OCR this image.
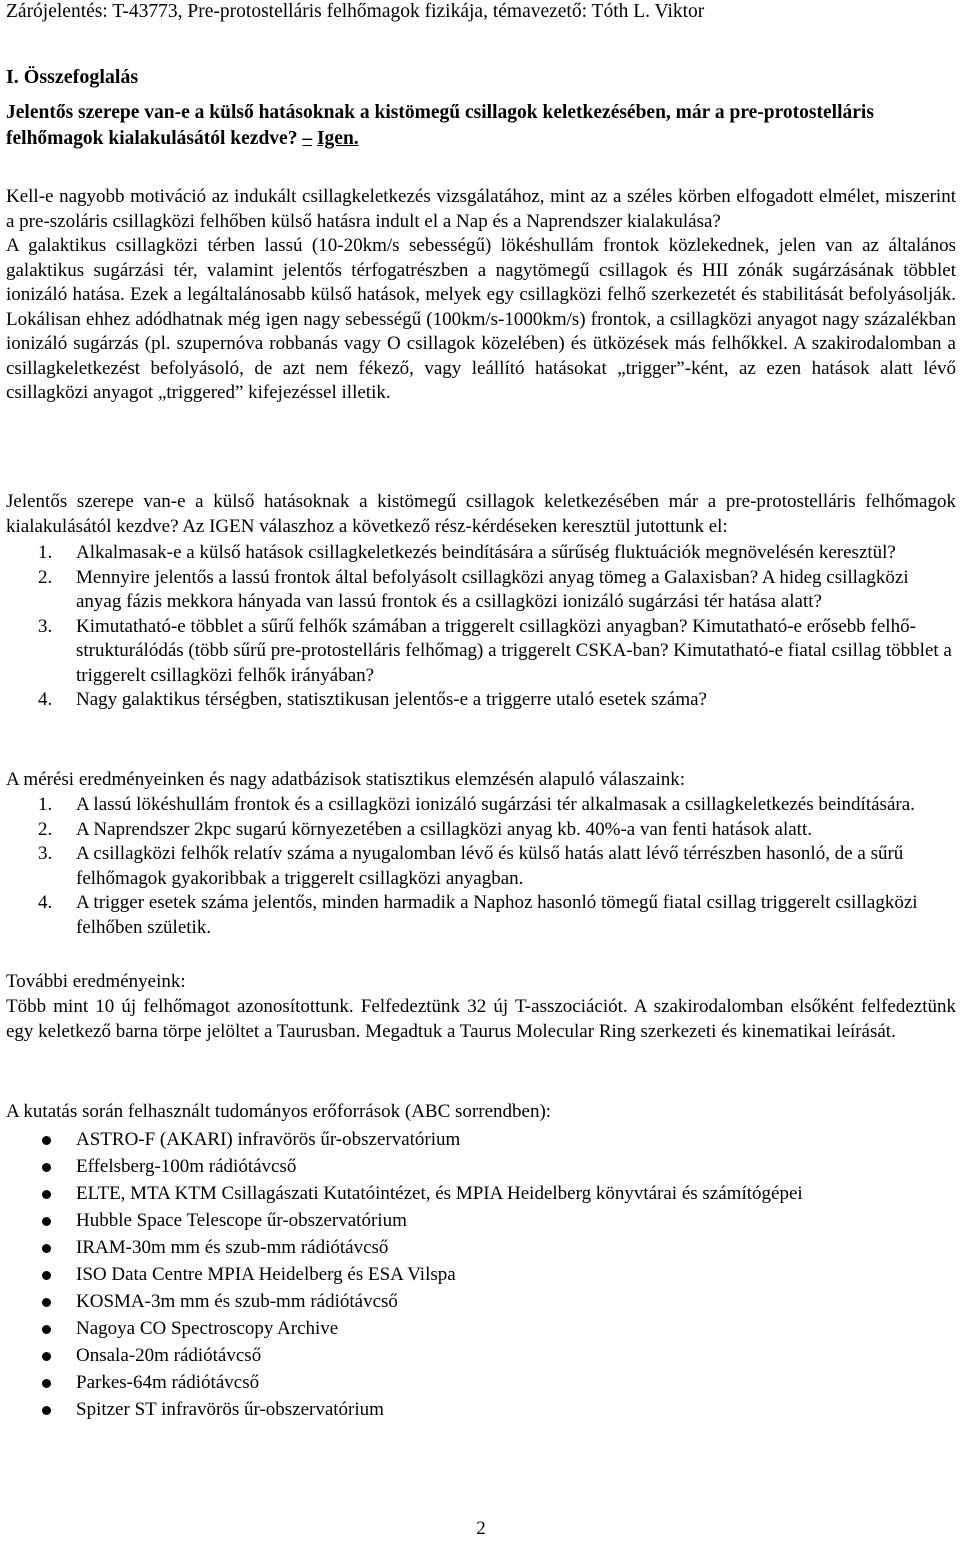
Zárójelentés: T-43773, Pre-protostelláris felhőmagok fizikája, témavezető: Tóth L. Viktor
I. Összefoglalás
Jelentős szerepe van-e a külső hatásoknak a kistömegű csillagok keletkezésében, már a pre-protostelláris felhőmagok kialakulásától kezdve? – Igen.
Kell-e nagyobb motiváció az indukált csillagkeletkezés vizsgálatához, mint az a széles körben elfogadott elmélet, miszerint a pre-szoláris csillagközi felhőben külső hatásra indult el a Nap és a Naprendszer kialakulása?
A galaktikus csillagközi térben lassú (10-20km/s sebességű) lökéshullám frontok közlekednek, jelen van az általános galaktikus sugárzási tér, valamint jelentős térfogatrészben a nagytömegű csillagok és HII zónák sugárzásának többlet ionizáló hatása. Ezek a legáltalánosabb külső hatások, melyek egy csillagközi felhő szerkezetét és stabilitását befolyásolják. Lokálisan ehhez adódhatnak még igen nagy sebességű (100km/s-1000km/s) frontok, a csillagközi anyagot nagy százalékban ionizáló sugárzás (pl. szupernóva robbanás vagy O csillagok közelében) és ütközések más felhőkkel. A szakirodalomban a csillagkeletkezést befolyásoló, de azt nem fékező, vagy leállító hatásokat „trigger”-ként, az ezen hatások alatt lévő csillagközi anyagot „triggered” kifejezéssel illetik.
Jelentős szerepe van-e a külső hatásoknak a kistömegű csillagok keletkezésében már a pre-protostelláris felhőmagok kialakulásától kezdve? Az IGEN válaszhoz a következő rész-kérdéseken keresztül jutottunk el:
1. Alkalmasak-e a külső hatások csillagkeletkezés beindítására a sűrűség fluktuációk megnövelésén keresztül?
2. Mennyire jelentős a lassú frontok által befolyásolt csillagközi anyag tömeg a Galaxisban? A hideg csillagközi anyag fázis mekkora hányada van lassú frontok és a csillagközi ionizáló sugárzási tér hatása alatt?
3. Kimutatható-e többlet a sűrű felhők számában a triggerelt csillagközi anyagban? Kimutatható-e erősebb felhő-strukturálódás (több sűrű pre-protostelláris felhőmag) a triggerelt CSKA-ban? Kimutatható-e fiatal csillag többlet a triggerelt csillagközi felhők irányában?
4. Nagy galaktikus térségben, statisztikusan jelentős-e a triggerre utaló esetek száma?
A mérési eredményeinken és nagy adatbázisok statisztikus elemzésén alapuló válaszaink:
1. A lassú lökéshullám frontok és a csillagközi ionizáló sugárzási tér alkalmasak a csillagkeletkezés beindítására.
2. A Naprendszer 2kpc sugarú környezetében a csillagközi anyag kb. 40%-a van fenti hatások alatt.
3. A csillagközi felhők relatív száma a nyugalomban lévő és külső hatás alatt lévő térrészben hasonló, de a sűrű felhőmagok gyakoribbak a triggerelt csillagközi anyagban.
4. A trigger esetek száma jelentős, minden harmadik a Naphoz hasonló tömegű fiatal csillag triggerelt csillagközi felhőben születik.
További eredményeink:
Több mint 10 új felhőmagot azonosítottunk. Felfedeztünk 32 új T-asszociációt. A szakirodalomban elsőként felfedeztünk egy keletkező barna törpe jelöltet a Taurusban. Megadtuk a Taurus Molecular Ring szerkezeti és kinematikai leírását.
A kutatás során felhasznált tudományos erőforrások (ABC sorrendben):
ASTRO-F (AKARI) infravörös űr-obszervatórium
Effelsberg-100m rádiótávcső
ELTE, MTA KTM Csillagászati Kutatóintézet, és MPIA Heidelberg könyvtárai és számítógépei
Hubble Space Telescope űr-obszervatórium
IRAM-30m mm és szub-mm rádiótávcső
ISO Data Centre MPIA Heidelberg és ESA Vilspa
KOSMA-3m mm és szub-mm rádiótávcső
Nagoya CO Spectroscopy Archive
Onsala-20m rádiótávcső
Parkes-64m rádiótávcső
Spitzer ST infravörös űr-obszervatórium
2
